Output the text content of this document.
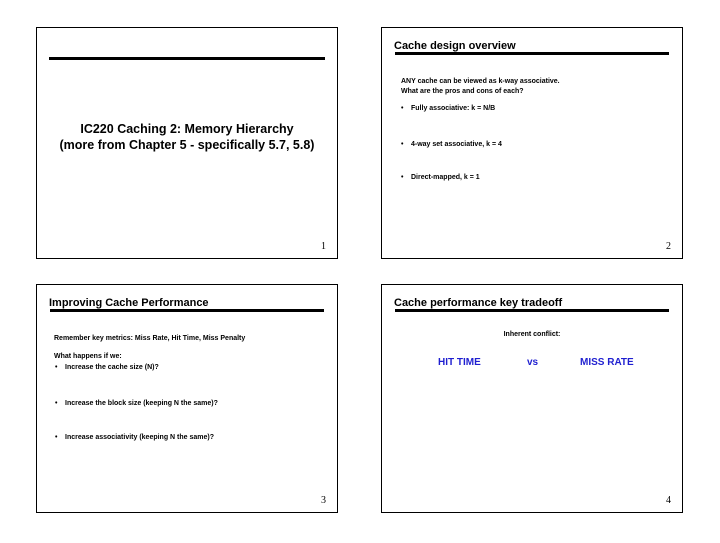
IC220 Caching 2: Memory Hierarchy
(more from Chapter 5 - specifically 5.7, 5.8)
1
Cache design overview
ANY cache can be viewed as k-way associative.
What are the pros and cons of each?
• Fully associative: k = N/B
• 4-way set associative, k = 4
• Direct-mapped, k = 1
2
Improving Cache Performance
Remember key metrics: Miss Rate, Hit Time, Miss Penalty
What happens if we:
• Increase the cache size (N)?
• Increase the block size (keeping N the same)?
• Increase associativity (keeping N the same)?
3
Cache performance key tradeoff
Inherent conflict:
HIT TIME	vs	MISS RATE
4
